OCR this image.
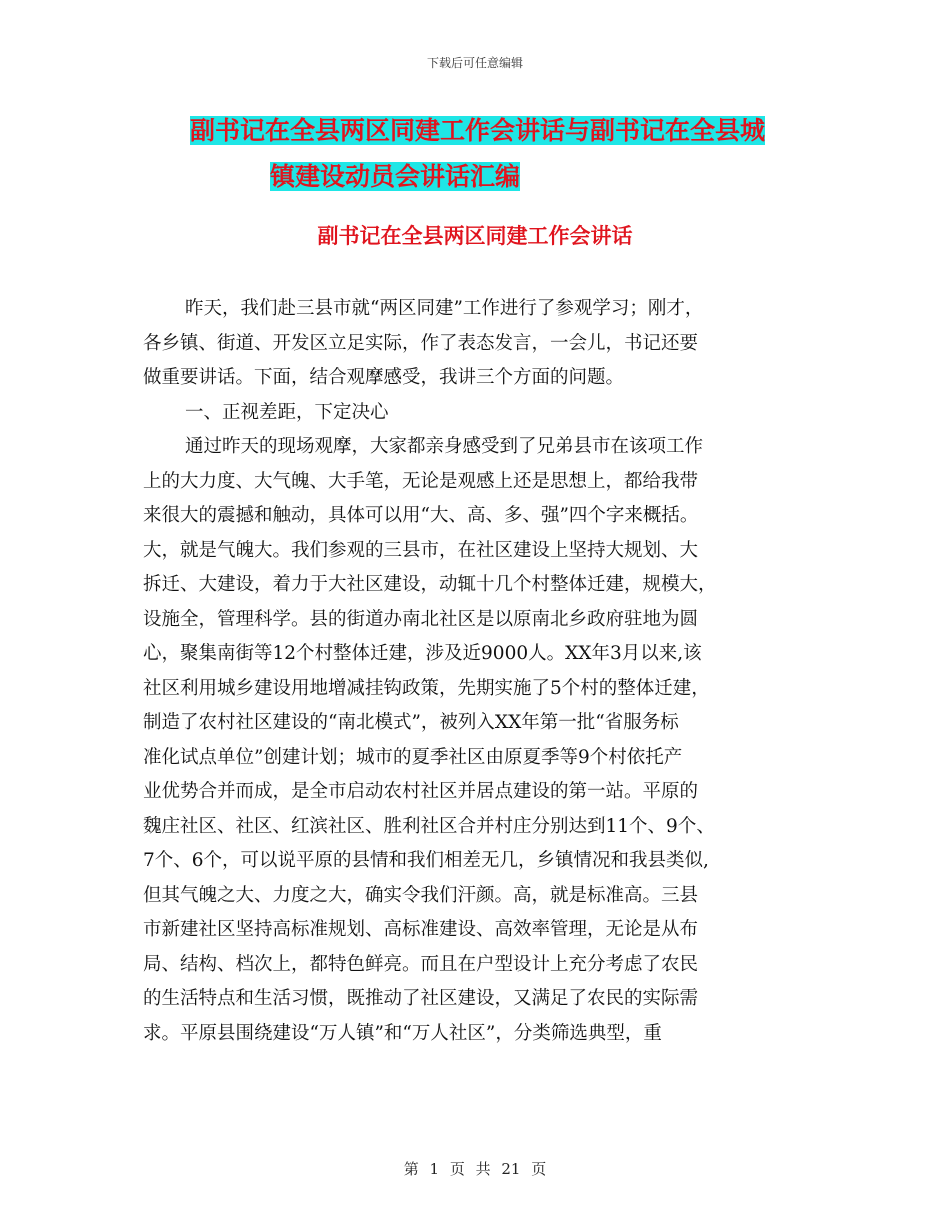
下载后可任意编辑
副书记在全县两区同建工作会讲话与副书记在全县城
镇建设动员会讲话汇编
副书记在全县两区同建工作会讲话
昨天，我们赴三县市就“两区同建”工作进行了参观学习；刚才，
各乡镇、街道、开发区立足实际，作了表态发言，一会儿，书记还要
做重要讲话。下面，结合观摩感受，我讲三个方面的问题。
一、正视差距，下定决心
通过昨天的现场观摩，大家都亲身感受到了兄弟县市在该项工作
上的大力度、大气魄、大手笔，无论是观感上还是思想上，都给我带
来很大的震撼和触动，具体可以用“大、高、多、强”四个字来概括。
大，就是气魄大。我们参观的三县市，在社区建设上坚持大规划、大
拆迁、大建设，着力于大社区建设，动辄十几个村整体迁建，规模大，
设施全，管理科学。县的街道办南北社区是以原南北乡政府驻地为圆
心，聚集南街等12个村整体迁建，涉及近9000人。XX年3月以来,该
社区利用城乡建设用地增减挂钩政策，先期实施了5个村的整体迁建，
制造了农村社区建设的“南北模式”，被列入XX年第一批“省服务标
准化试点单位”创建计划；城市的夏季社区由原夏季等9个村依托产
业优势合并而成，是全市启动农村社区并居点建设的第一站。平原的
魏庄社区、社区、红滨社区、胜利社区合并村庄分别达到11个、9个、
7个、6个，可以说平原的县情和我们相差无几，乡镇情况和我县类似,
但其气魄之大、力度之大，确实令我们汗颜。高，就是标准高。三县
市新建社区坚持高标准规划、高标准建设、高效率管理，无论是从布
局、结构、档次上，都特色鲜亮。而且在户型设计上充分考虑了农民
的生活特点和生活习惯，既推动了社区建设，又满足了农民的实际需
求。平原县围绕建设“万人镇”和“万人社区”，分类筛选典型，重
第 1 页 共 21 页
